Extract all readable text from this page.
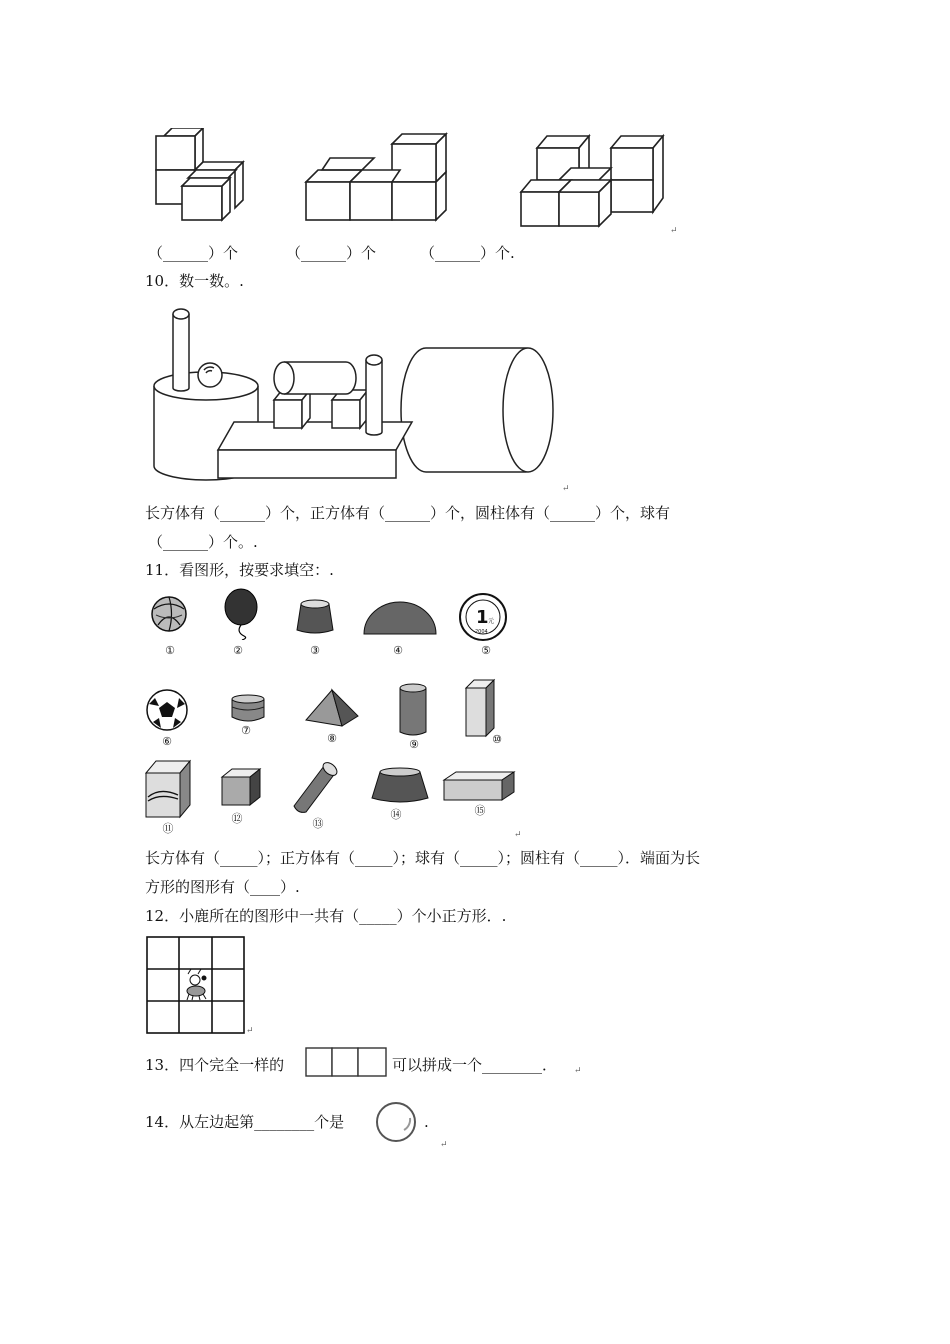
↵
（______）个	（______）个	（______）个.
10．数一数。.
↵
长方体有（______）个，正方体有（______）个，圆柱体有（______）个，球有
（______）个。.
11．看图形，按要求填空：.
1 元
2004
①	②	③	④	⑤
⑥
⑦
⑧	⑨	⑩
⑪
⑫	⑬
⑭	⑮
↵
长方体有（_____）；正方体有（_____）；球有（_____）；圆柱有（_____）．端面为长
方形的图形有（____）.
12．小鹿所在的图形中一共有（_____）个小正方形．.
↵
13．四个完全一样的	可以拼成一个________． ↵
14．从左边起第________个是	.
↵
